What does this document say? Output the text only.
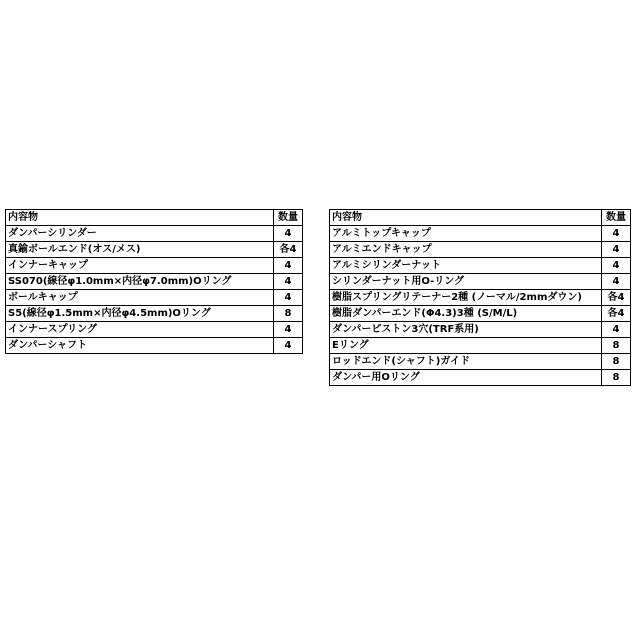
内容物	数量
ダンパーシリンダー	4
真鍮ボールエンド(オス/メス)	各4
インナーキャップ	4
SS070(線径φ1.0mm×内径φ7.0mm)Oリング	4
ボールキャップ	4
S5(線径φ1.5mm×内径φ4.5mm)Oリング	8
インナースプリング	4
ダンパーシャフト	4
内容物	数量
アルミトップキャップ	4
アルミエンドキャップ	4
アルミシリンダーナット	4
シリンダーナット用O-リング	4
樹脂スプリングリテーナー2種 (ノーマル/2mmダウン)	各4
樹脂ダンパーエンド(Φ4.3)3種 (S/M/L)	各4
ダンパーピストン3穴(TRF系用)	4
Eリング	8
ロッドエンド(シャフト)ガイド	8
ダンパー用Oリング	8
